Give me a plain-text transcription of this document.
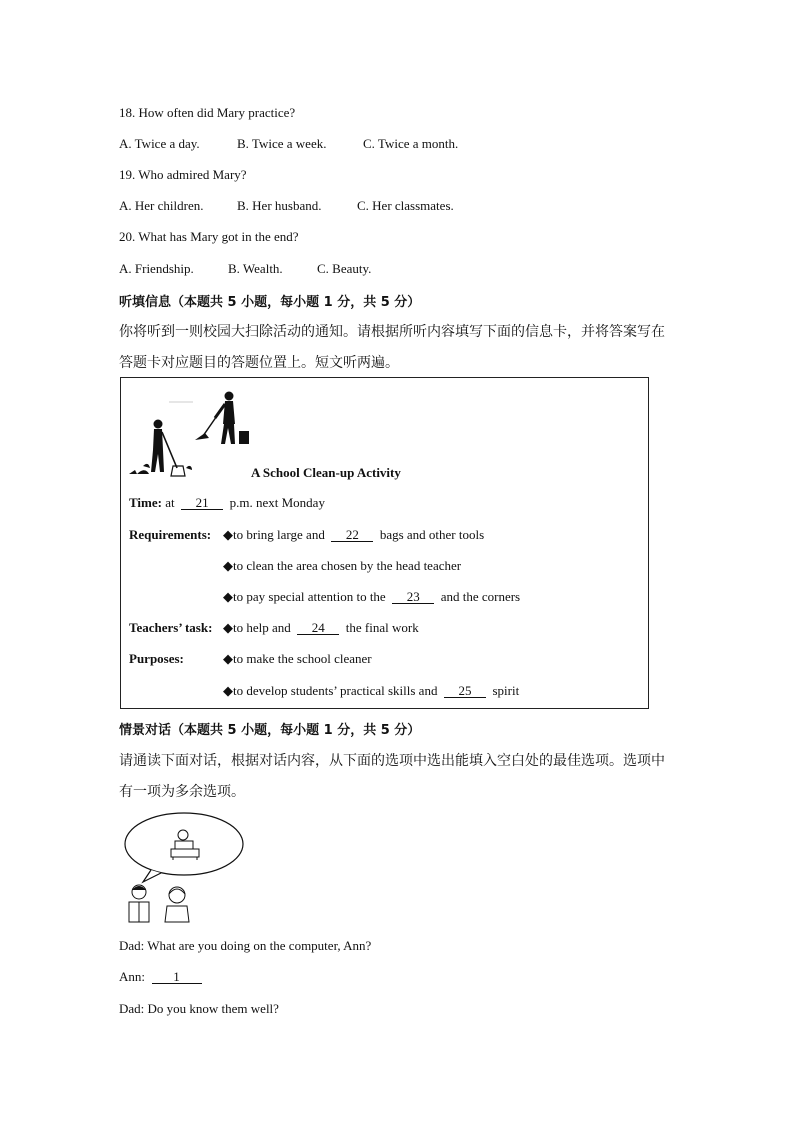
18. How often did Mary practice?
A. Twice a day.	B. Twice a week.	C. Twice a month.
19. Who admired Mary?
A. Her children.	B. Her husband.	C. Her classmates.
20. What has Mary got in the end?
A. Friendship.	B. Wealth.	C. Beauty.
听填信息（本题共 5 小题，每小题 1 分，共 5 分）
你将听到一则校园大扫除活动的通知。请根据所听内容填写下面的信息卡，并将答案写在
答题卡对应题目的答题位置上。短文听两遍。
A School Clean-up Activity
Time: at 21 p.m. next Monday
Requirements: ◆to bring large and 22 bags and other tools
◆to clean the area chosen by the head teacher
◆to pay special attention to the 23 and the corners
Teachers’ task: ◆to help and 24 the final work
Purposes:	◆to make the school cleaner
◆to develop students’ practical skills and 25 spirit
情景对话（本题共 5 小题，每小题 1 分，共 5 分）
请通读下面对话，根据对话内容，从下面的选项中选出能填入空白处的最佳选项。选项中
有一项为多余选项。
Dad: What are you doing on the computer, Ann?
Ann: 1
Dad: Do you know them well?
